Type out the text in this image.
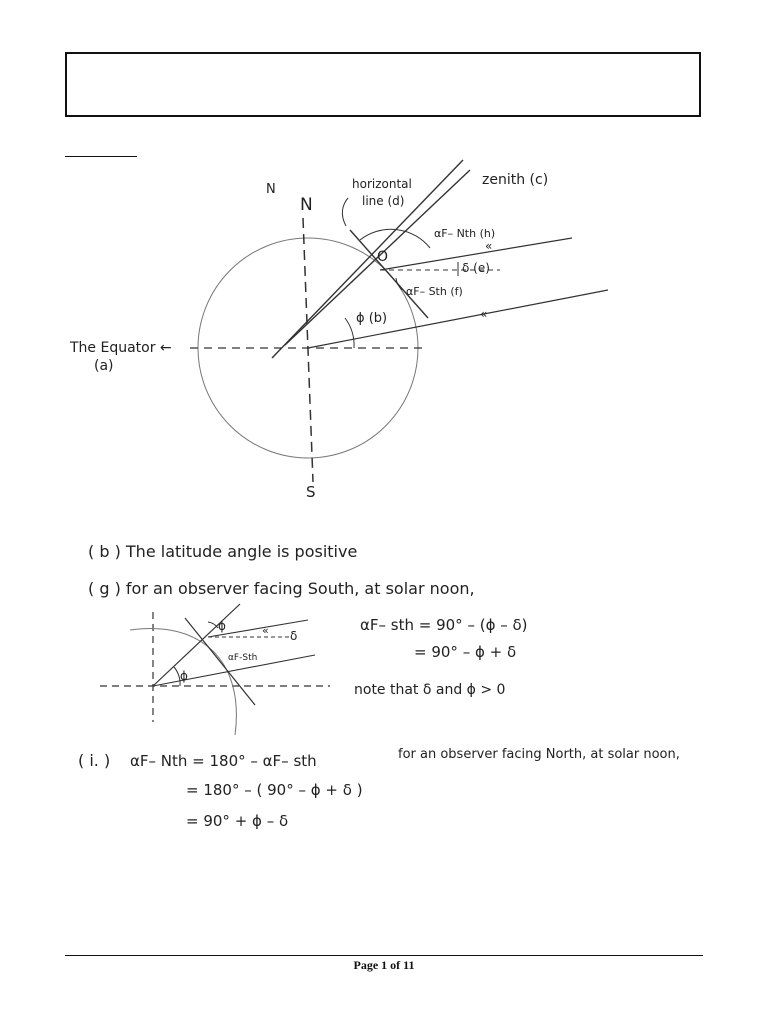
«
«
N
N
S
horizontal
line (d)
zenith (c)
O
αF– Nth (h)
δ (e)
αF– Sth (f)
ϕ (b)
The Equator ←
(a)
( b ) The latitude angle is positive
( g ) for an observer facing South, at solar noon,
«
ϕ
δ
αF-Sth
ϕ
αF– sth = 90° – (ϕ – δ)
= 90° – ϕ + δ
note that δ and ϕ > 0
( i. ) αF– Nth = 180° – αF– sth
= 180° – ( 90° – ϕ + δ )
= 90° + ϕ – δ
for an observer facing North, at solar noon,
Page 1 of 11
